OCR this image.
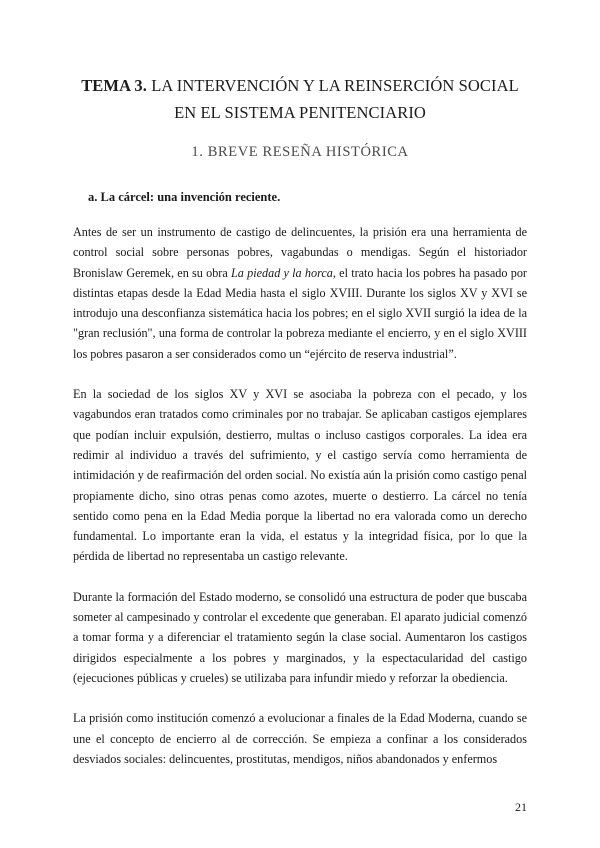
TEMA 3. LA INTERVENCIÓN Y LA REINSERCIÓN SOCIAL EN EL SISTEMA PENITENCIARIO
1. BREVE RESEÑA HISTÓRICA
a. La cárcel: una invención reciente.

Antes de ser un instrumento de castigo de delincuentes, la prisión era una herramienta de control social sobre personas pobres, vagabundas o mendigas. Según el historiador Bronislaw Geremek, en su obra La piedad y la horca, el trato hacia los pobres ha pasado por distintas etapas desde la Edad Media hasta el siglo XVIII. Durante los siglos XV y XVI se introdujo una desconfianza sistemática hacia los pobres; en el siglo XVII surgió la idea de la "gran reclusión", una forma de controlar la pobreza mediante el encierro, y en el siglo XVIII los pobres pasaron a ser considerados como un “ejército de reserva industrial”.

En la sociedad de los siglos XV y XVI se asociaba la pobreza con el pecado, y los vagabundos eran tratados como criminales por no trabajar. Se aplicaban castigos ejemplares que podían incluir expulsión, destierro, multas o incluso castigos corporales. La idea era redimir al individuo a través del sufrimiento, y el castigo servía como herramienta de intimidación y de reafirmación del orden social. No existía aún la prisión como castigo penal propiamente dicho, sino otras penas como azotes, muerte o destierro. La cárcel no tenía sentido como pena en la Edad Media porque la libertad no era valorada como un derecho fundamental. Lo importante eran la vida, el estatus y la integridad física, por lo que la pérdida de libertad no representaba un castigo relevante.

Durante la formación del Estado moderno, se consolidó una estructura de poder que buscaba someter al campesinado y controlar el excedente que generaban. El aparato judicial comenzó a tomar forma y a diferenciar el tratamiento según la clase social. Aumentaron los castigos dirigidos especialmente a los pobres y marginados, y la espectacularidad del castigo (ejecuciones públicas y crueles) se utilizaba para infundir miedo y reforzar la obediencia.

La prisión como institución comenzó a evolucionar a finales de la Edad Moderna, cuando se une el concepto de encierro al de corrección. Se empieza a confinar a los considerados desviados sociales: delincuentes, prostitutas, mendigos, niños abandonados y enfermos

21
